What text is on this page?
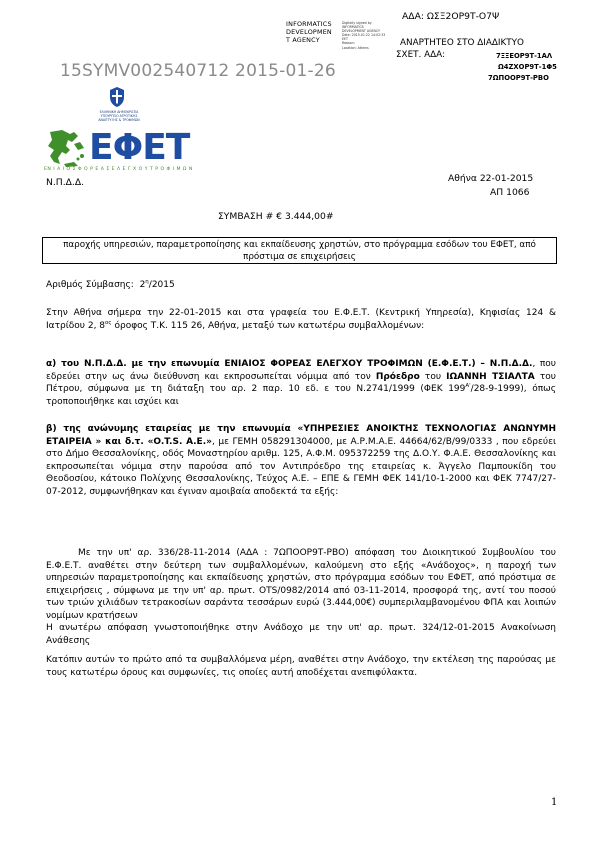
ΑΔΑ: ΩΣΞ2ΟΡ9Τ-Ο7Ψ
INFORMATICS
DEVELOPMEN
T AGENCY
Digitally signed by
INFORMATICS
DEVELOPMENT AGENCY
Date: 2015.01.22 14:02:33
EET
Reason:
Location: Athens	ΑΝΑΡΤΗΤΕΟ ΣΤΟ ΔΙΑΔΙΚΤΥΟ
ΣΧΕΤ. ΑΔΑ:	7ΞΞΕΟΡ9Τ-1ΑΛ
Ω4ΖΧΟΡ9Τ-1Φ5
7ΩΠΟΟΡ9Τ-ΡΒΟ
15SYMV002540712 2015-01-26
ΕΛΛΗΝΙΚΗ ΔΗΜΟΚΡΑΤΙΑ
ΥΠΟΥΡΓΕΙΟ ΑΓΡΟΤΙΚΗΣ
ΑΝΑΠΤΥΞΗΣ & ΤΡΟΦΙΜΩΝ
ΕΦΕΤ
ΕΝ Ι Α Ι Ο Σ Φ Ο Ρ Ε Α Σ Ε Λ Ε Γ Χ Ο Υ Τ Ρ Ο Φ Ι Μ Ω Ν
Ν.Π.Δ.Δ.	Αθήνα 22-01-2015
ΑΠ 1066
ΣΥΜΒΑΣΗ # € 3.444,00#
παροχής υπηρεσιών, παραμετροποίησης και εκπαίδευσης χρηστών, στο πρόγραμμα εσόδων του ΕΦΕΤ, από πρόστιμα σε επιχειρήσεις
Αριθμός Σύμβασης: $2^\eta/2015$
Στην Αθήνα σήμερα την 22-01-2015 και στα γραφεία του Ε.Φ.Ε.Τ. (Κεντρική Υπηρεσία), Κηφισίας 124 & Ιατρίδου 2, $8^{o\varsigma}$ όροφος Τ.Κ. 115 26, Αθήνα, μεταξύ των κατωτέρω συμβαλλομένων:
α) του Ν.Π.Δ.Δ. με την επωνυμία ΕΝΙΑΙΟΣ ΦΟΡΕΑΣ ΕΛΕΓΧΟΥ ΤΡΟΦΙΜΩΝ (Ε.Φ.Ε.Τ.) – Ν.Π.Δ.Δ., που εδρεύει στην ως άνω διεύθυνση και εκπροσωπείται νόμιμα από τον Πρόεδρο του ΙΩΑΝΝΗ ΤΣΙΑΛΤΑ του Πέτρου, σύμφωνα με τη διάταξη του αρ. 2 παρ. 10 εδ. ε του Ν.2741/1999 (ΦΕΚ $199^{A'}/28-9-1999$), όπως τροποποιήθηκε και ισχύει και
β) της ανώνυμης εταιρείας με την επωνυμία «ΥΠΗΡΕΣΙΕΣ ΑΝΟΙΚΤΗΣ ΤΕΧΝΟΛΟΓΙΑΣ ΑΝΩΝΥΜΗ ΕΤΑΙΡΕΙΑ » και δ.τ. «O.T.S. Α.Ε.», με ΓΕΜΗ 058291304000, με Α.Ρ.Μ.Α.Ε. 44664/62/Β/99/0333 , που εδρεύει στο Δήμο Θεσσαλονίκης, οδός Μοναστηρίου αριθμ. 125, Α.Φ.Μ. 095372259 της Δ.Ο.Υ. Φ.Α.Ε. Θεσσαλονίκης και εκπροσωπείται νόμιμα στην παρούσα από τον Αντιπρόεδρο της εταιρείας κ. Άγγελο Παμπουκίδη του Θεοδοσίου, κάτοικο Πολίχνης Θεσσαλονίκης, Τεύχος Α.Ε. – ΕΠΕ & ΓΕΜΗ ΦΕΚ 141/10-1-2000 και ΦΕΚ 7747/27-07-2012, συμφωνήθηκαν και έγιναν αμοιβαία αποδεκτά τα εξής:
Με την υπ' αρ. 336/28-11-2014 (ΑΔΑ : 7ΩΠΟΟΡ9Τ-ΡΒΟ) απόφαση του Διοικητικού Συμβουλίου του Ε.Φ.Ε.Τ. αναθέτει στην δεύτερη των συμβαλλομένων, καλούμενη στο εξής «Ανάδοχος», η παροχή των υπηρεσιών παραμετροποίησης και εκπαίδευσης χρηστών, στο πρόγραμμα εσόδων του ΕΦΕΤ, από πρόστιμα σε επιχειρήσεις , σύμφωνα με την υπ' αρ. πρωτ. OTS/0982/2014 από 03-11-2014, προσφορά της, αντί του ποσού των τριών χιλιάδων τετρακοσίων σαράντα τεσσάρων ευρώ (3.444,00€) συμπεριλαμβανομένου ΦΠΑ και λοιπών νομίμων κρατήσεων
Η ανωτέρω απόφαση γνωστοποιήθηκε στην Ανάδοχο με την υπ' αρ. πρωτ. 324/12-01-2015 Ανακοίνωση Ανάθεσης
Κατόπιν αυτών το πρώτο από τα συμβαλλόμενα μέρη, αναθέτει στην Ανάδοχο, την εκτέλεση της παρούσας με τους κατωτέρω όρους και συμφωνίες, τις οποίες αυτή αποδέχεται ανεπιφύλακτα.
1
